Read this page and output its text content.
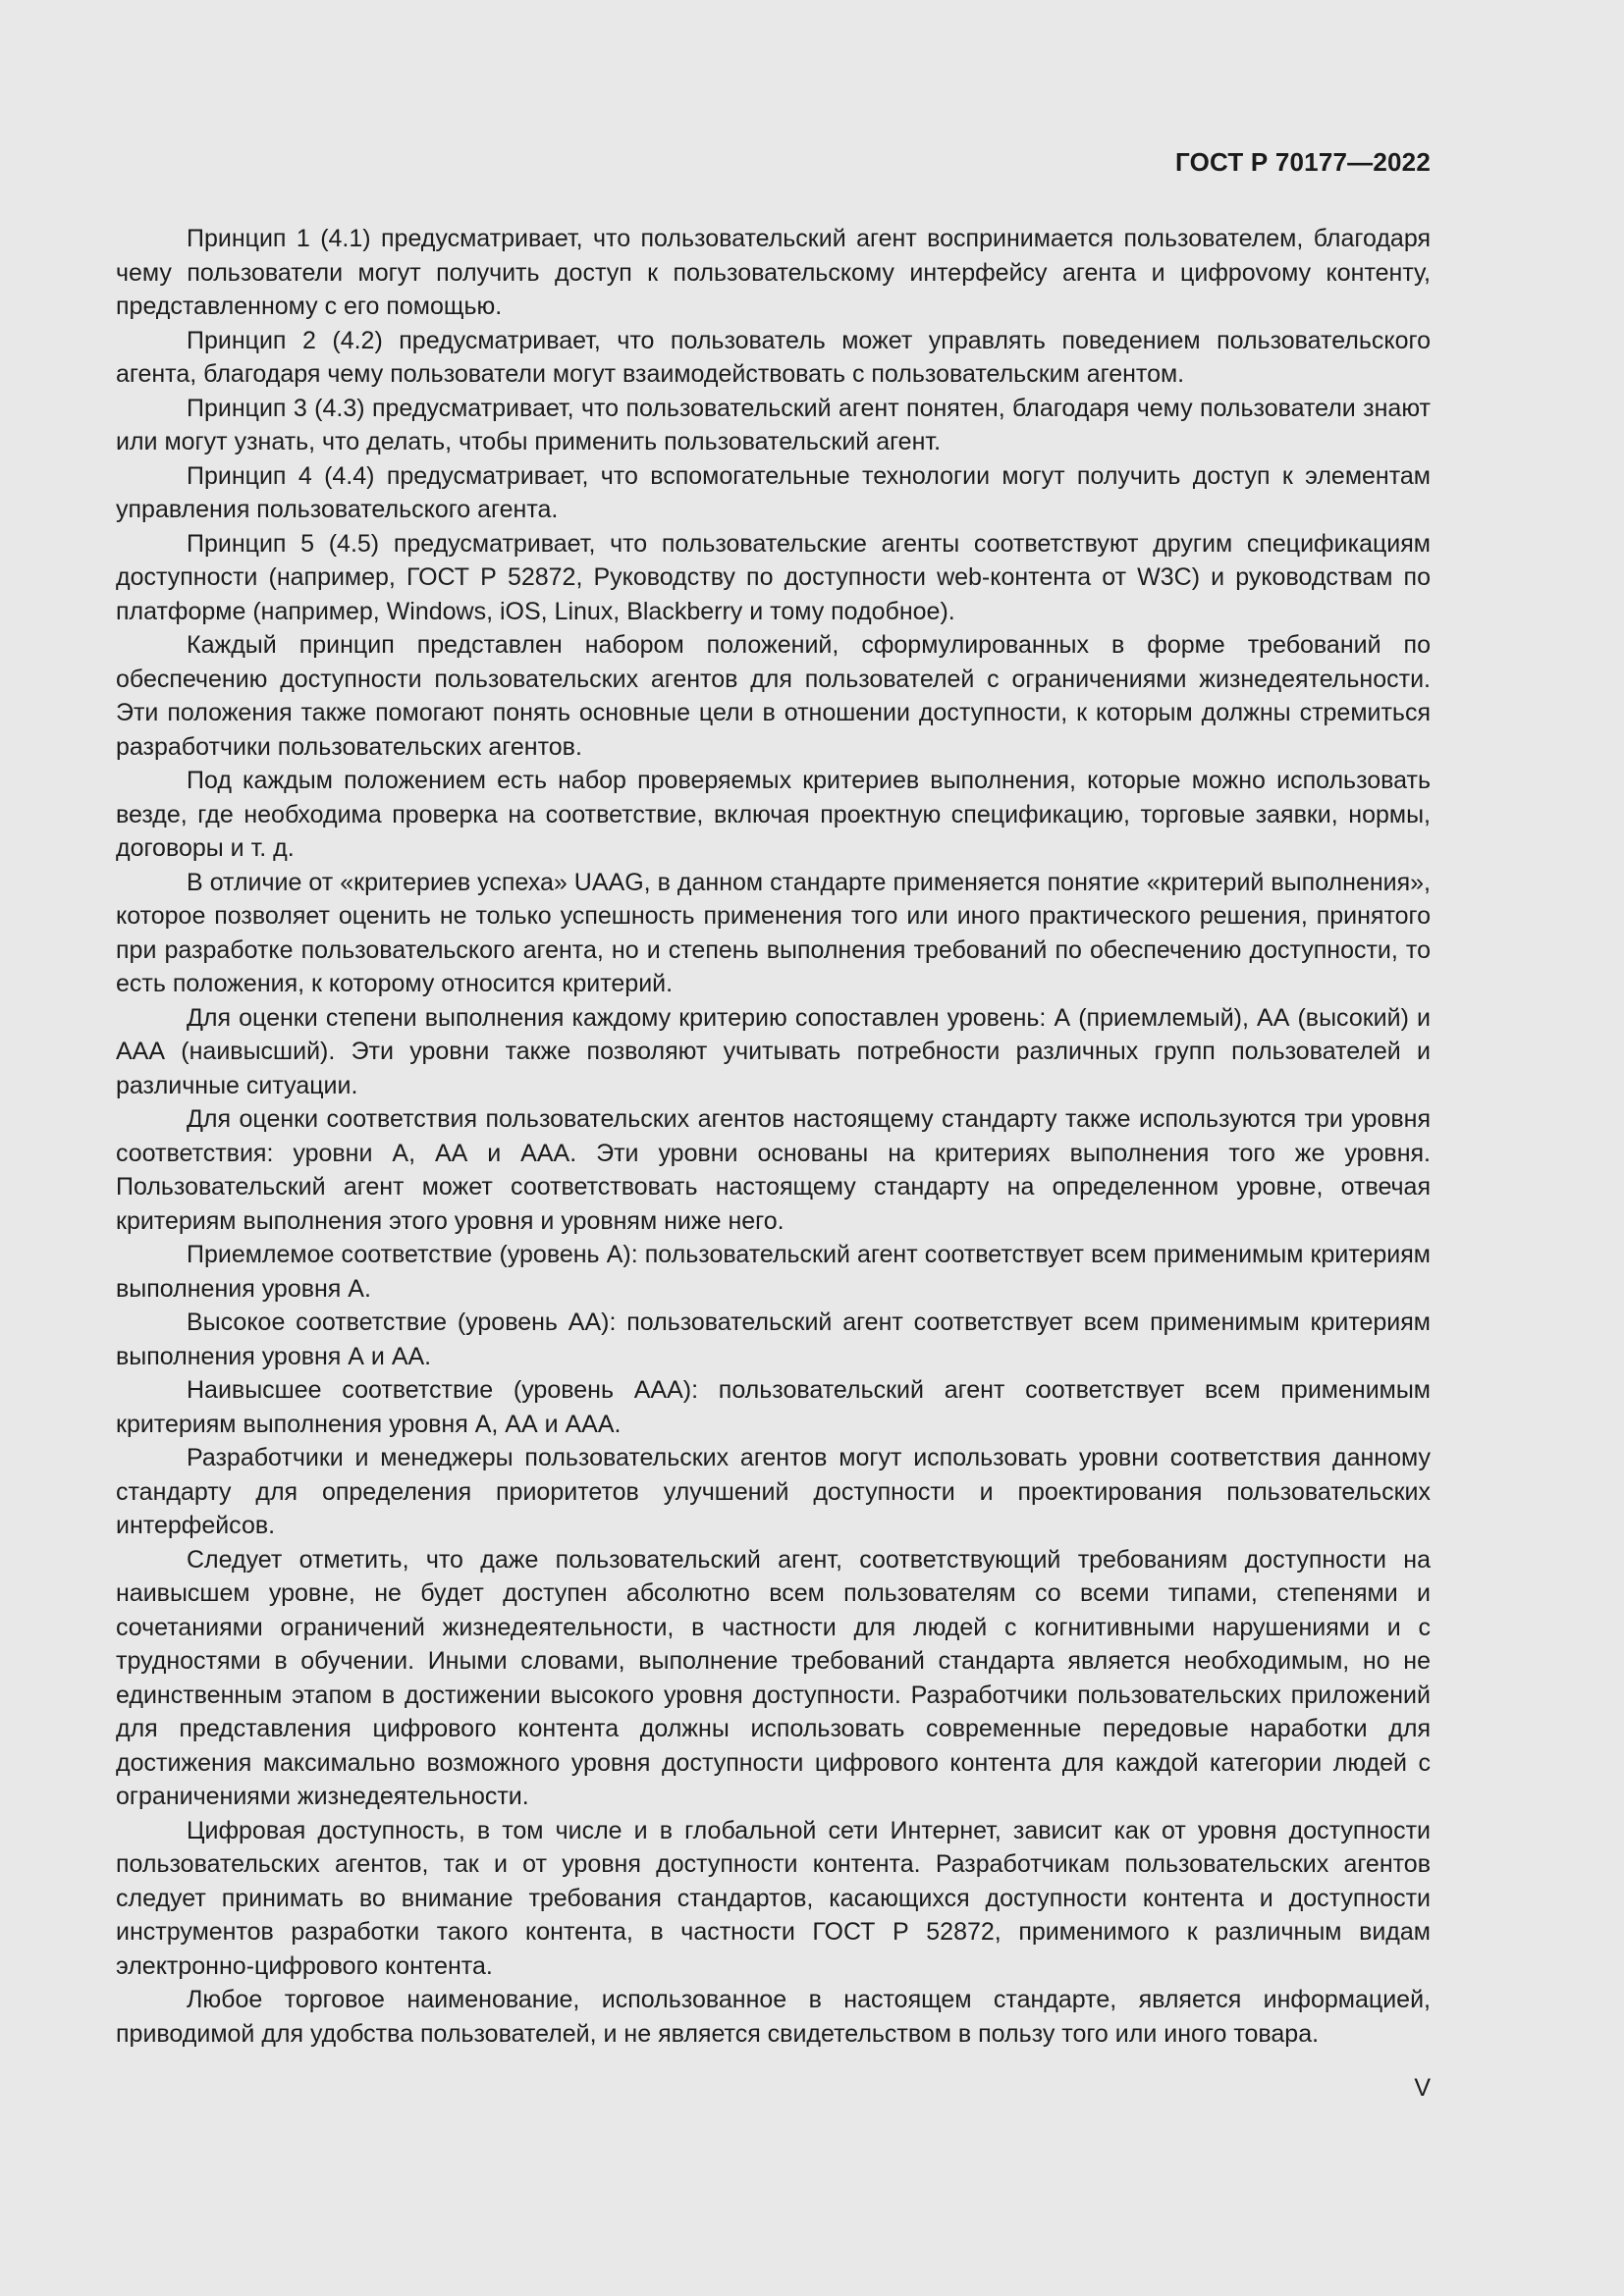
ГОСТ Р 70177—2022

Принцип 1 (4.1) предусматривает, что пользовательский агент воспринимается пользователем, благодаря чему пользователи могут получить доступ к пользовательскому интерфейсу агента и цифроvому контенту, представленному с его помощью.

Принцип 2 (4.2) предусматривает, что пользователь может управлять поведением пользовательского агента, благодаря чему пользователи могут взаимодействовать с пользовательским агентом.

Принцип 3 (4.3) предусматривает, что пользовательский агент понятен, благодаря чему пользователи знают или могут узнать, что делать, чтобы применить пользовательский агент.

Принцип 4 (4.4) предусматривает, что вспомогательные технологии могут получить доступ к элементам управления пользовательского агента.

Принцип 5 (4.5) предусматривает, что пользовательские агенты соответствуют другим спецификациям доступности (например, ГОСТ Р 52872, Руководству по доступности web-контента от W3C) и руководствам по платформе (например, Windows, iOS, Linux, Blackberry и тому подобное).

Каждый принцип представлен набором положений, сформулированных в форме требований по обеспечению доступности пользовательских агентов для пользователей с ограничениями жизнедеятельности. Эти положения также помогают понять основные цели в отношении доступности, к которым должны стремиться разработчики пользовательских агентов.

Под каждым положением есть набор проверяемых критериев выполнения, которые можно использовать везде, где необходима проверка на соответствие, включая проектную спецификацию, торговые заявки, нормы, договоры и т. д.

В отличие от «критериев успеха» UAAG, в данном стандарте применяется понятие «критерий выполнения», которое позволяет оценить не только успешность применения того или иного практического решения, принятого при разработке пользовательского агента, но и степень выполнения требований по обеспечению доступности, то есть положения, к которому относится критерий.

Для оценки степени выполнения каждому критерию сопоставлен уровень: А (приемлемый), АА (высокий) и ААА (наивысший). Эти уровни также позволяют учитывать потребности различных групп пользователей и различные ситуации.

Для оценки соответствия пользовательских агентов настоящему стандарту также используются три уровня соответствия: уровни А, АА и ААА. Эти уровни основаны на критериях выполнения того же уровня. Пользовательский агент может соответствовать настоящему стандарту на определенном уровне, отвечая критериям выполнения этого уровня и уровням ниже него.

Приемлемое соответствие (уровень А): пользовательский агент соответствует всем применимым критериям выполнения уровня А.

Высокое соответствие (уровень АА): пользовательский агент соответствует всем применимым критериям выполнения уровня А и АА.

Наивысшее соответствие (уровень ААА): пользовательский агент соответствует всем применимым критериям выполнения уровня А, АА и ААА.

Разработчики и менеджеры пользовательских агентов могут использовать уровни соответствия данному стандарту для определения приоритетов улучшений доступности и проектирования пользовательских интерфейсов.

Следует отметить, что даже пользовательский агент, соответствующий требованиям доступности на наивысшем уровне, не будет доступен абсолютно всем пользователям со всеми типами, степенями и сочетаниями ограничений жизнедеятельности, в частности для людей с когнитивными нарушениями и с трудностями в обучении. Иными словами, выполнение требований стандарта является необходимым, но не единственным этапом в достижении высокого уровня доступности. Разработчики пользовательских приложений для представления цифрового контента должны использовать современные передовые наработки для достижения максимально возможного уровня доступности цифрового контента для каждой категории людей с ограничениями жизнедеятельности.

Цифровая доступность, в том числе и в глобальной сети Интернет, зависит как от уровня доступности пользовательских агентов, так и от уровня доступности контента. Разработчикам пользовательских агентов следует принимать во внимание требования стандартов, касающихся доступности контента и доступности инструментов разработки такого контента, в частности ГОСТ Р 52872, применимого к различным видам электронно-цифрового контента.

Любое торговое наименование, использованное в настоящем стандарте, является информацией, приводимой для удобства пользователей, и не является свидетельством в пользу того или иного товара.

V
